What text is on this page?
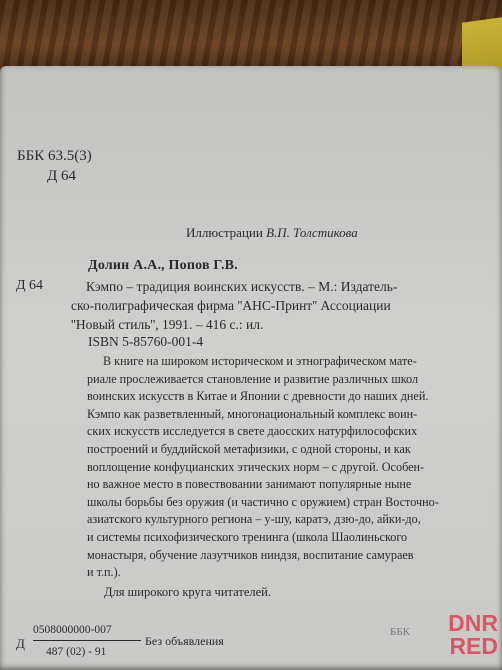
ББК 63.5(3)
Д 64
Иллюстрации В.П. Толстикова
Долин А.А., Попов Г.В.
Д 64	Кэмпо – традиция воинских искусств. – М.: Издатель-
ско-полиграфическая фирма ''АНС-Принт'' Ассоциации
''Новый стиль'', 1991. – 416 с.: ил.
ISBN 5-85760-001-4
В книге на широком историческом и этнографическом мате-
риале прослеживается становление и развитие различных школ
воинских искусств в Китае и Японии с древности до наших дней.
Кэмпо как разветвленный, многонациональный комплекс воин-
ских искусств исследуется в свете даосских натурфилософских
построений и буддийской метафизики, с одной стороны, и как
воплощение конфуцианских этических норм – с другой. Особен-
но важное место в повествовании занимают популярные ныне
школы борьбы без оружия (и частично с оружием) стран Восточно-
азиатского культурного региона – у-шу, каратэ, дзю-до, айки-до,
и системы психофизического тренинга (школа Шаолиньского
монастыря, обучение лазутчиков ниндзя, воспитание самураев
и т.п.).
Для широкого круга читателей.
Д
0508000000-007
487 (02) - 91
Без объявления
ББК	DNR
RED
